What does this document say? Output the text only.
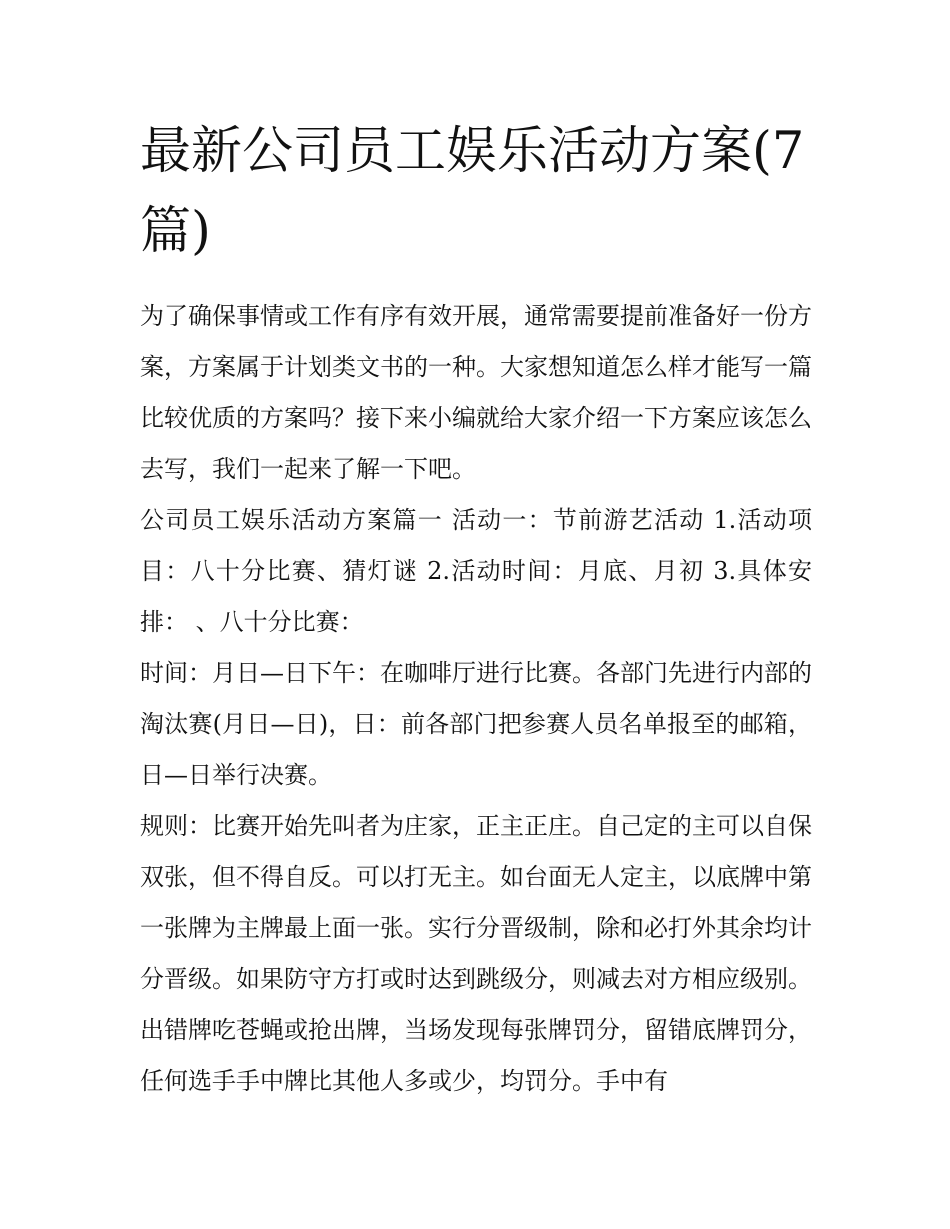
最新公司员工娱乐活动方案(7篇)

为了确保事情或工作有序有效开展，通常需要提前准备好一份方案，方案属于计划类文书的一种。大家想知道怎么样才能写一篇比较优质的方案吗？接下来小编就给大家介绍一下方案应该怎么去写，我们一起来了解一下吧。

公司员工娱乐活动方案篇一 活动一：节前游艺活动 1.活动项目：八十分比赛、猜灯谜 2.活动时间：月底、月初 3.具体安排： 、八十分比赛：

时间：月日—日下午：在咖啡厅进行比赛。各部门先进行内部的淘汰赛(月日—日)，日：前各部门把参赛人员名单报至的邮箱，日—日举行决赛。

规则：比赛开始先叫者为庄家，正主正庄。自己定的主可以自保双张，但不得自反。可以打无主。如台面无人定主，以底牌中第一张牌为主牌最上面一张。实行分晋级制，除和必打外其余均计分晋级。如果防守方打或时达到跳级分，则减去对方相应级别。出错牌吃苍蝇或抢出牌，当场发现每张牌罚分，留错底牌罚分，任何选手手中牌比其他人多或少，均罚分。手中有
